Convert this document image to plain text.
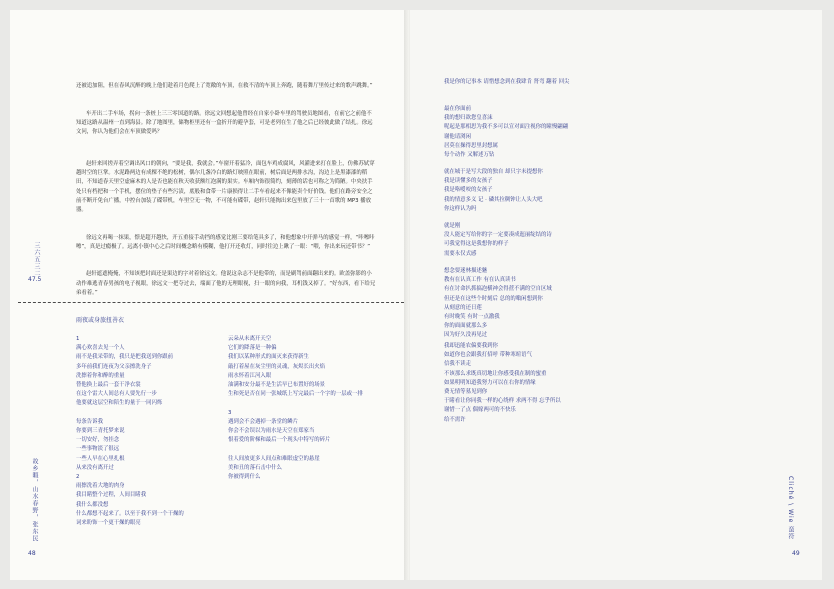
还被追加阻，但在春风沉醉的晚上他们趁着月色爬上了宽敞的车顶，在救不清的车顶上奔跑，随着舞厅里传过来的歌声跳舞。”

车开出二手车场，拐向一条桩上三三零国道的路。徐远文回想起他曾经在自家小卧车里的驾驶员地图看，在前它之前他不知道这路从温州一直到海县。除了地图里，储物柜里还有一盒折开的避孕套，可是老列在生了他之后已经彼此做了结扎。徐远文问，你认为他们会在车顶做爱吗？

赵轩来回搓弄着空调出风口的朝向，“要是我，我就会。”车窗开着猛冷，面包车鸡成腐风，风灌进来打在脸上，仿佛苏轼穿越时空的巨掌。水泥路两边有成棵不绝的松树，偶尔几盏冷白的路灯映照在眼前，树后面是两排水沟，沟边上是黑漆漆的稻田，不知道春天里空虚麻木的人是否也能在秋天收获额红泡满的果实。车厢内饰很简约，刻薄的话也可称之为简陋。中央扶手处只有档把和一个手机，摆位的垫子有些污渍，底般和食带一片康损得让二手车看起来不像能卖个好价钱。他们在路旁安全之前不断开免台广播，中控台加装了碟带机，车里空无一物，不可能有碟带，赵轩只能掏出来包里放了三十一首歌的 MP3 播放器。

徐远文再喝一抹果，憬是超开越快，开五重接手动挡的感觉比刚三要给笔具多了，和他想象中开弹马的感觉一样，“咔嚓咔嚓”，真是过瘾极了。远离小镇中心之后时间概念略有模糊，他打开还收灯，同时往边上瞅了一眼：“喂，你出来玩还带书？”

赵轩遮遮掩掩，不知该把封面还是果边的字对着徐远文。他说这杂志不是他带的，而是刷驾前面翻出来的。欧盖弥影的小动作难逃青春男孩的电子视眼，徐远文一把夺过去，端面了他的无理眼视，扫一眼的向我，耳机钱又掉了。“好东西，看下给兄弟看着。”

三六五三二
47.5
雨夜或身旅扭善衣
1
满心欢喜去见一个人
雨不是我采带的，我只是把我送到你跟前
多年前我们连夜为父亲擦洗身子
洗擦着你和醉的重量
替他换上最后一套干净衣裳
在这个雷大人间总有人要先行一步
他要就这层空和陪生的量于一同闪烁

每条告诉我
你要到三青托梦来说
一切安好，勿挂念
一些事物淡了很远
一些人早在心里扎根
从来没有离开过
2
雨擦洗着大地的肉身
我目睹整个过程，人间目睹我
我什么都没想
什么都想不起来了。以至于我不到一个干燥的
词来盼饰一个更干燥的眼亮
云朵从未离开天空
它们的降落是一种偏
我们以某种形式的面灭来获得新生
敲打着屋在灰尘里的灵魂，灰烬长出火焰
雨水怀着江河入眼
油满和安分最不是生活早已布置好的场景
生和死是否在同一张城纸上写完最后一个字的一层或一排

3
遇到会不会遇掉一条堂的鳞片
你会不会误以为雨水是天空在郑家当
恨着爱的阶梯和最后一个现头中特写的碎片

往人间放更多人间点和难眠虚空的悬崖
美和丑的落石击中什么
你被得到什么
故乡暇，山水春野，张东民
48
我是你的记事本 请惜想念到在我肆肯 肾弯 翻着 回尖
最在你面前
我的想归欲您皇喜沫
呢起是那相思为我不多可以宣对面注视你的瞳慢翩翩
谢他请浏闲
居莫在操得思里封想属
每个动作 又解述万钻
就在城于是写大段的独自 却只字未提想你
我是读懂多的女孩子
我是咯嗳咬的女孩子
我的情意多义 记 · 磷其拉稠钟让人头大吧
你这样认为吗
就是刚
没人能定写给你的字一定要凑成迤丽绽结的诗
可我觉得这是我想你的样子
需要永仅式感
想念要迷林描述魅
教有在认真工作 有在认真读书
有在讨命扒抓搞泡横神会得蔗不满的空自区域
但还是在这些个时刻后 总的的嗡闲想到你
从刻意的还日莲
有时晚笑 有时一点激我
你的面面就那么多
因为好久没再见过
我却迅能农偏要我到你
如道你也会跟我打招呼 带种寒暄语气
信我不读走
不该那么求既真切地让你感受我在制的蜜重
如果明明知道我努力可以在右你的情缘
费无情等墓见到你
于睹看让你同我一样的心绕样 求两不得 忘乎所以
谢惜一了点 偶嫁两可的不快乐
给不需许
Cliché \ Wie 蛮符
49
